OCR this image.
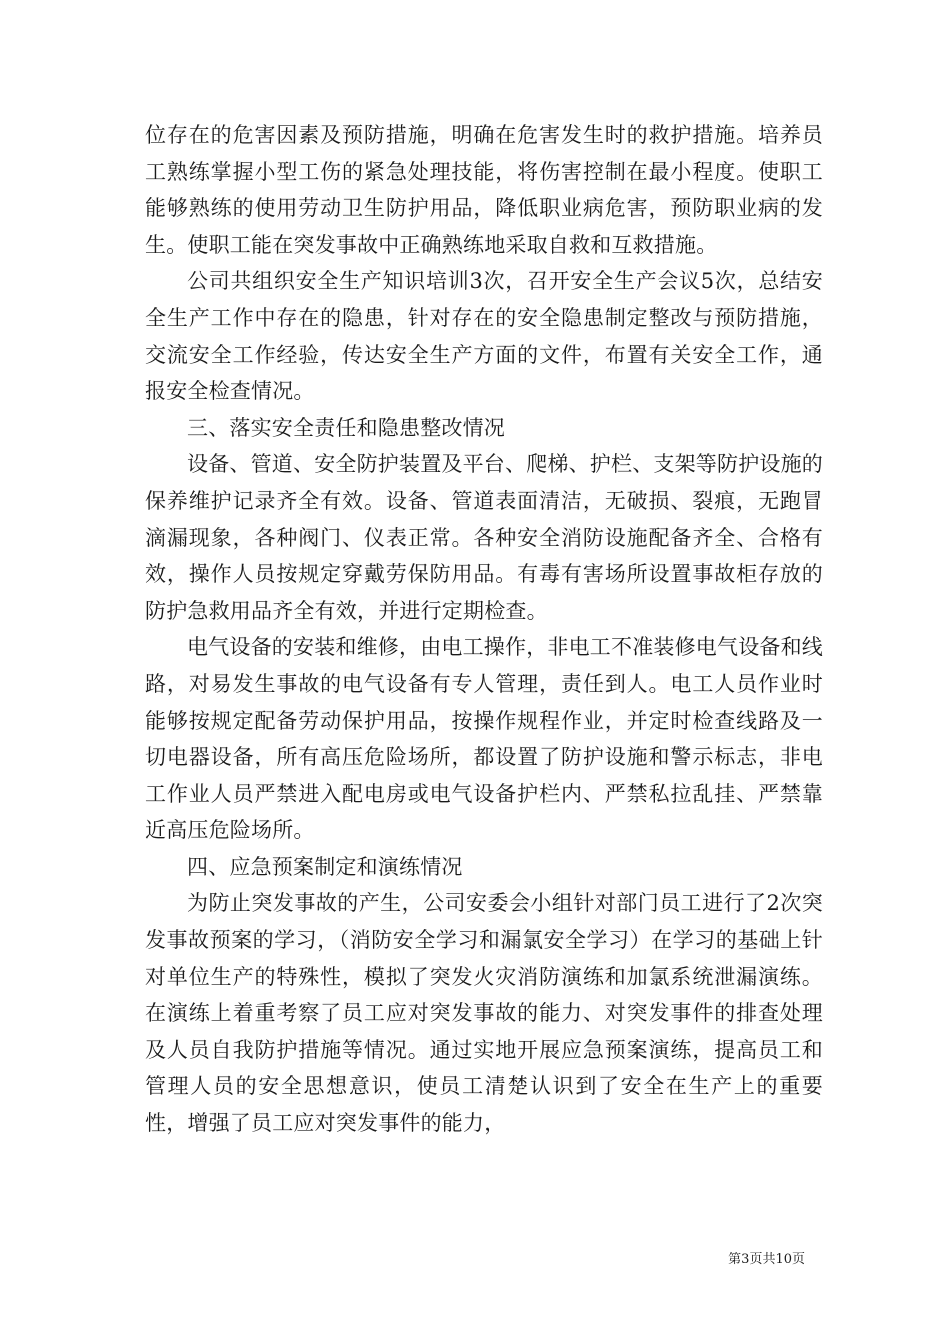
位存在的危害因素及预防措施，明确在危害发生时的救护措施。培养员工熟练掌握小型工伤的紧急处理技能，将伤害控制在最小程度。使职工能够熟练的使用劳动卫生防护用品，降低职业病危害，预防职业病的发生。使职工能在突发事故中正确熟练地采取自救和互救措施。

公司共组织安全生产知识培训3次，召开安全生产会议5次，总结安全生产工作中存在的隐患，针对存在的安全隐患制定整改与预防措施，交流安全工作经验，传达安全生产方面的文件，布置有关安全工作，通报安全检查情况。

三、落实安全责任和隐患整改情况

设备、管道、安全防护装置及平台、爬梯、护栏、支架等防护设施的保养维护记录齐全有效。设备、管道表面清洁，无破损、裂痕，无跑冒滴漏现象，各种阀门、仪表正常。各种安全消防设施配备齐全、合格有效，操作人员按规定穿戴劳保防用品。有毒有害场所设置事故柜存放的防护急救用品齐全有效，并进行定期检查。

电气设备的安装和维修，由电工操作，非电工不准装修电气设备和线路，对易发生事故的电气设备有专人管理，责任到人。电工人员作业时能够按规定配备劳动保护用品，按操作规程作业，并定时检查线路及一切电器设备，所有高压危险场所，都设置了防护设施和警示标志，非电工作业人员严禁进入配电房或电气设备护栏内、严禁私拉乱挂、严禁靠近高压危险场所。

四、应急预案制定和演练情况

为防止突发事故的产生，公司安委会小组针对部门员工进行了2次突发事故预案的学习，（消防安全学习和漏氯安全学习）在学习的基础上针对单位生产的特殊性，模拟了突发火灾消防演练和加氯系统泄漏演练。在演练上着重考察了员工应对突发事故的能力、对突发事件的排查处理及人员自我防护措施等情况。通过实地开展应急预案演练，提高员工和管理人员的安全思想意识，使员工清楚认识到了安全在生产上的重要性，增强了员工应对突发事件的能力，

第3页共10页
